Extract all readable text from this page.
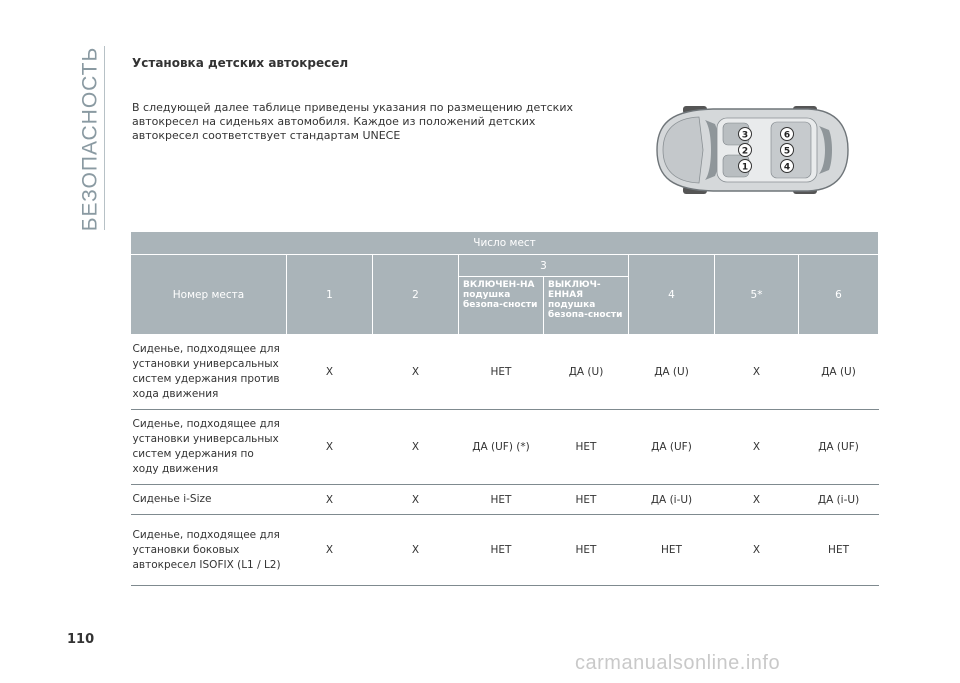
БЕЗОПАСНОСТЬ	Установка детских автокресел
В следующей далее таблице приведены указания по размещению детских автокресел на сиденьях автомобиля. Каждое из положений детских автокресел соответствует стандартам UNECE	3
2
1
6
5
4
Число мест							
Номер места	1	2	3		4	5*	6
			ВКЛЮЧЕН-НА подушка безопа-сности	ВЫКЛЮЧ-ЕННАЯ подушка безопа-сности			
Сиденье, подходящее для установки универсальных систем удержания против хода движения	X	X	НЕТ	ДА (U)	ДА (U)	X	ДА (U)
Сиденье, подходящее для установки универсальных систем удержания по ходу движения	X	X	ДА (UF) (*)	НЕТ	ДА (UF)	X	ДА (UF)
Сиденье i-Size	X	X	НЕТ	НЕТ	ДА (i-U)	X	ДА (i-U)
Сиденье, подходящее для установки боковых автокресел ISOFIX (L1 / L2)	X	X	НЕТ	НЕТ	НЕТ	X	НЕТ
110
carmanualsonline.info
